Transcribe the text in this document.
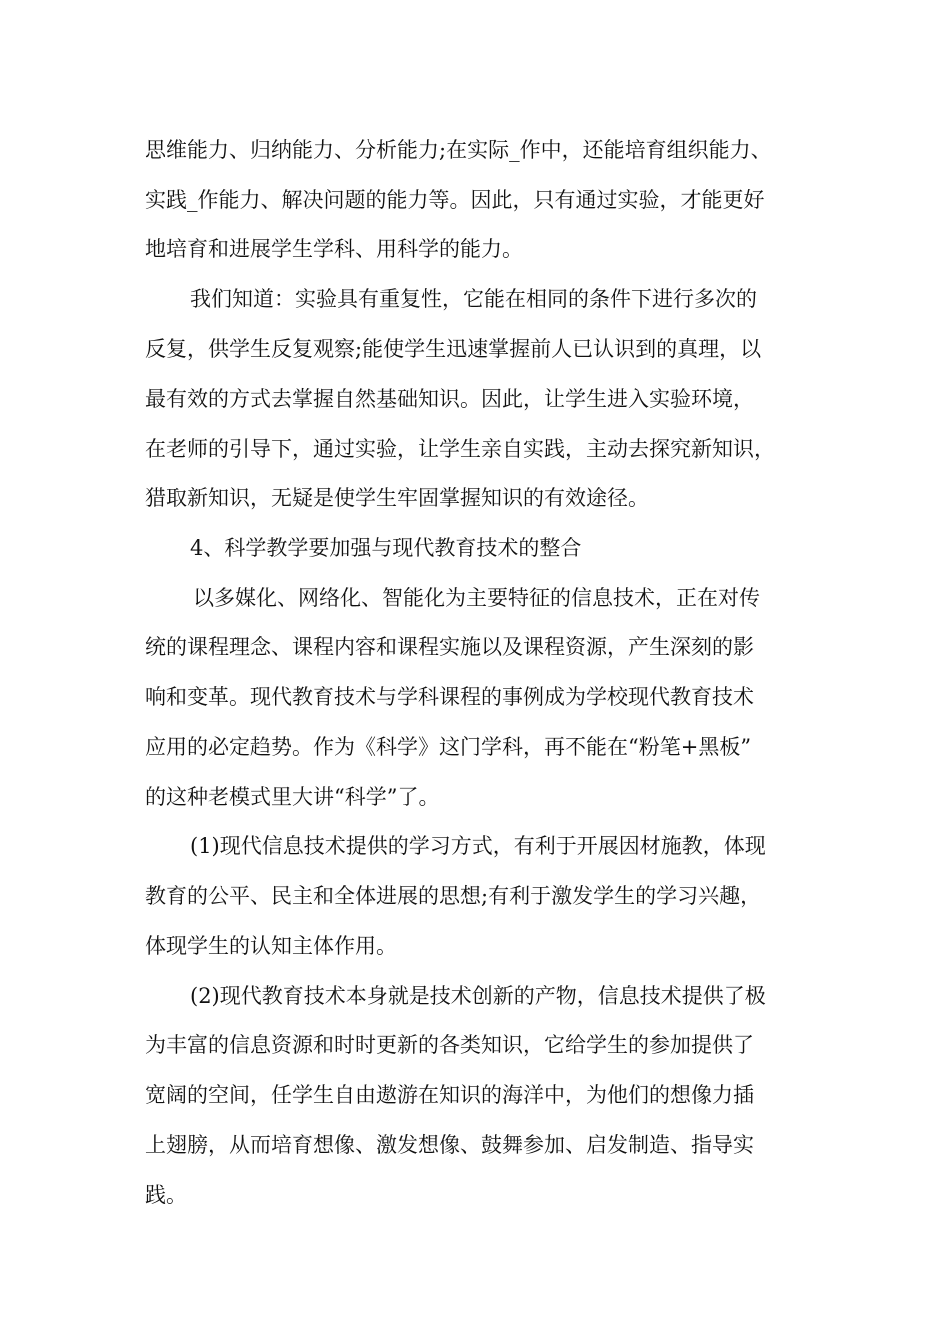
思维能力、归纳能力、分析能力;在实际_作中，还能培育组织能力、
实践_作能力、解决问题的能力等。因此，只有通过实验，才能更好
地培育和进展学生学科、用科学的能力。
我们知道：实验具有重复性，它能在相同的条件下进行多次的
反复，供学生反复观察;能使学生迅速掌握前人已认识到的真理，以
最有效的方式去掌握自然基础知识。因此，让学生进入实验环境，
在老师的引导下，通过实验，让学生亲自实践，主动去探究新知识，
猎取新知识，无疑是使学生牢固掌握知识的有效途径。
4、科学教学要加强与现代教育技术的整合
以多媒化、网络化、智能化为主要特征的信息技术，正在对传
统的课程理念、课程内容和课程实施以及课程资源，产生深刻的影
响和变革。现代教育技术与学科课程的事例成为学校现代教育技术
应用的必定趋势。作为《科学》这门学科，再不能在“粉笔+黑板”
的这种老模式里大讲“科学”了。
(1)现代信息技术提供的学习方式，有利于开展因材施教，体现
教育的公平、民主和全体进展的思想;有利于激发学生的学习兴趣，
体现学生的认知主体作用。
(2)现代教育技术本身就是技术创新的产物，信息技术提供了极
为丰富的信息资源和时时更新的各类知识，它给学生的参加提供了
宽阔的空间，任学生自由遨游在知识的海洋中，为他们的想像力插
上翅膀，从而培育想像、激发想像、鼓舞参加、启发制造、指导实
践。
